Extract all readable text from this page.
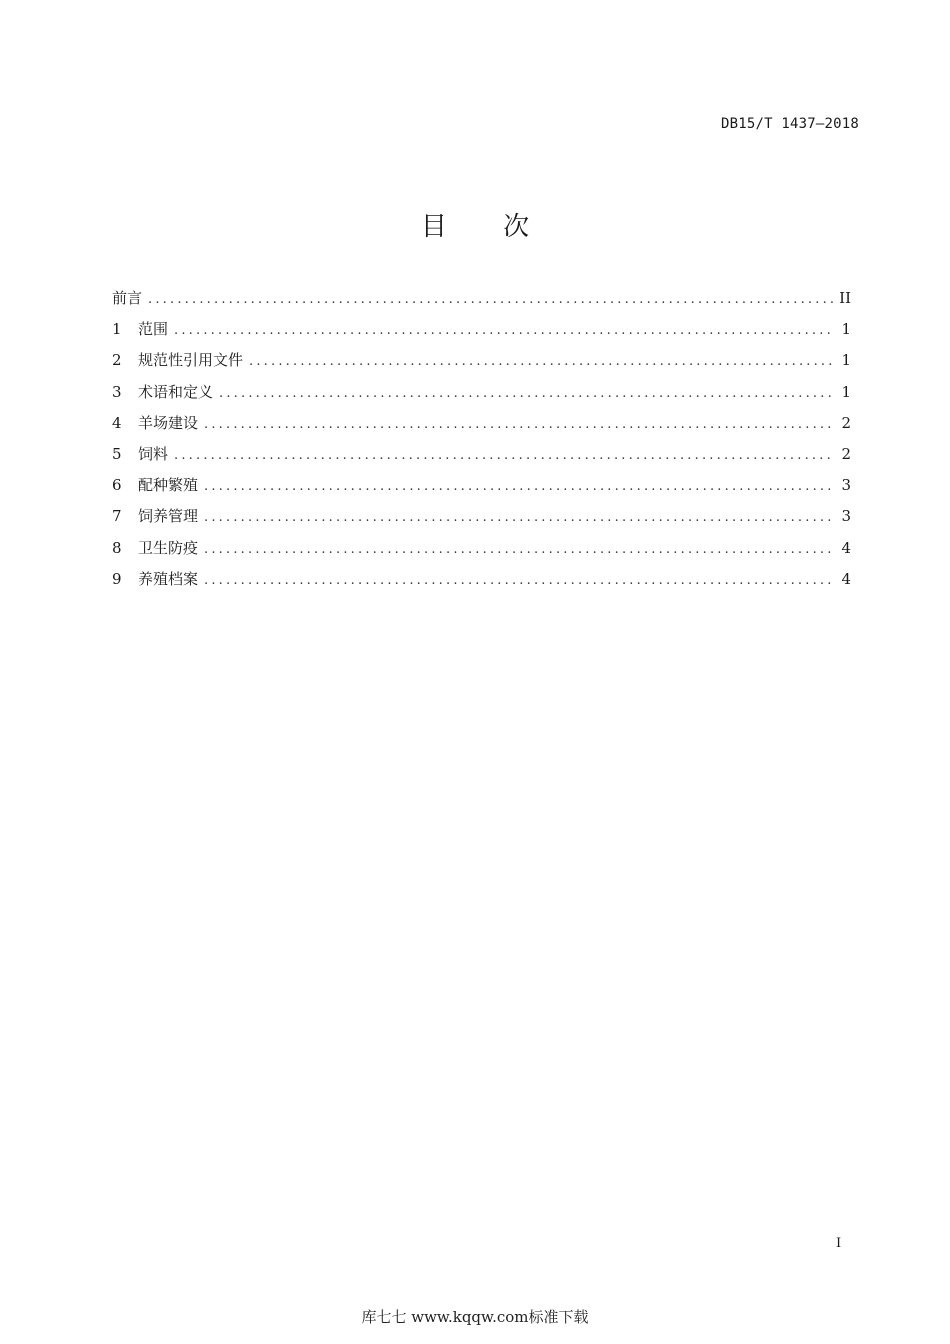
DB15/T 1437—2018
目 次
前言 .....	II
1	范围 .....	1
2	规范性引用文件 .....	1
3	术语和定义 .....	1
4	羊场建设 .....	2
5	饲料 .....	2
6	配种繁殖 .....	3
7	饲养管理 .....	3
8	卫生防疫 .....	4
9	养殖档案 .....	4
I
库七七 www.kqqw.com标准下载
